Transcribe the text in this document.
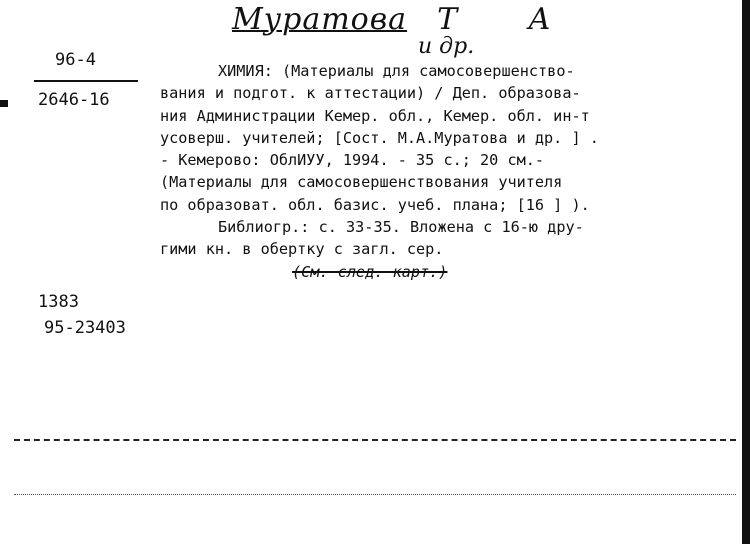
Муратова Т А
и др.
96-4
2646-16
1383
95-23403
ХИМИЯ: (Материалы для самосовершенство-
вания и подгот. к аттестации) / Деп. образова-
ния Администрации Кемер. обл., Кемер. обл. ин-т
усоверш. учителей; [Сост. М.А.Муратова и др. ] .
- Кемерово: ОблИУУ, 1994. - 35 с.; 20 см.-
(Материалы для самосовершенствования учителя
по образоват. обл. базис. учеб. плана; [16 ] ).
Библиогр.: с. 33-35. Вложена с 16-ю дру-
гими кн. в обертку с загл. сер.
(См. след. карт.)
